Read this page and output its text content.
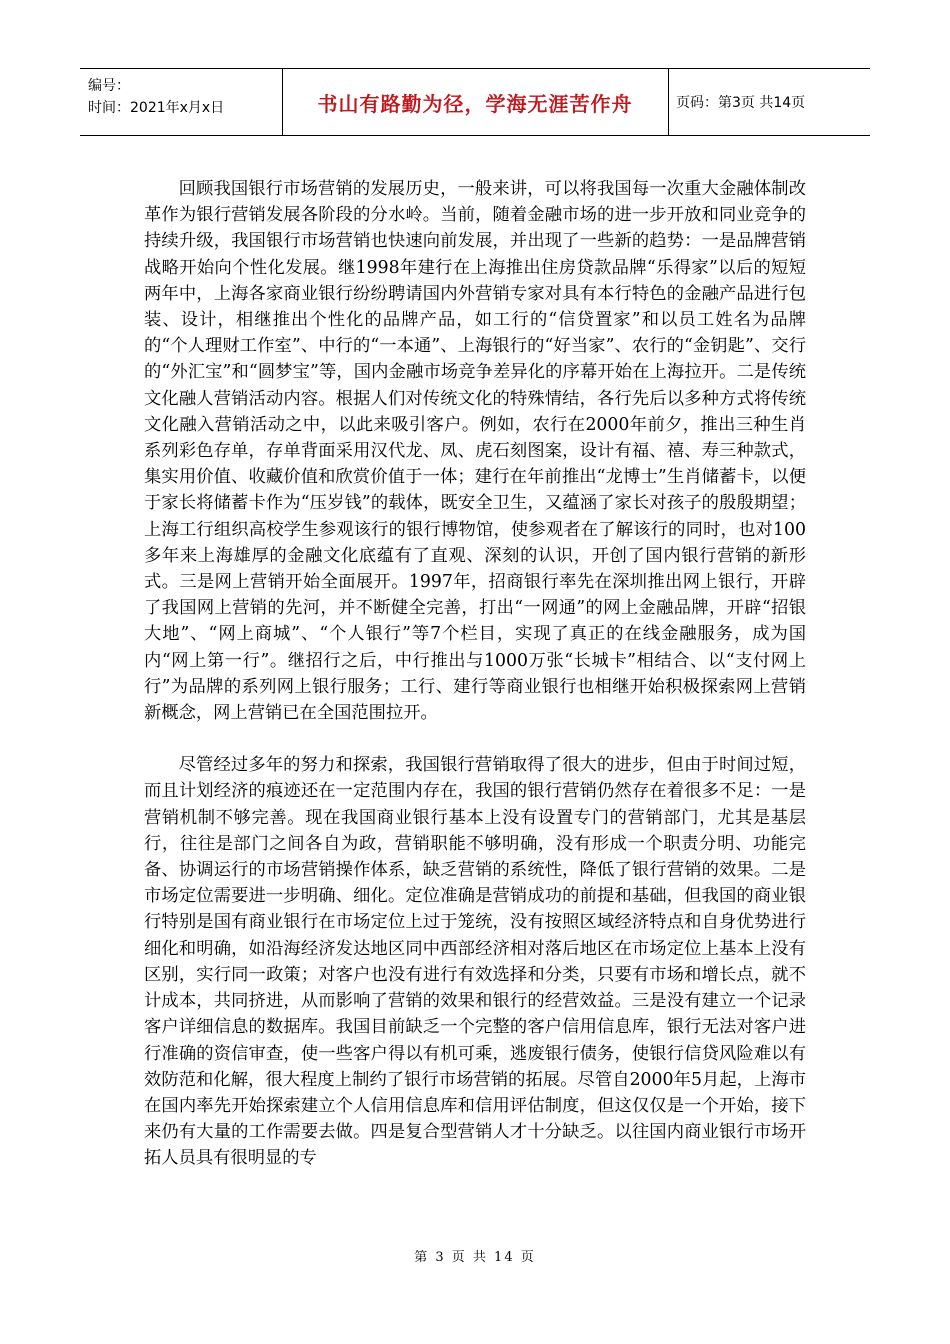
编号：
时间：2021年x月x日	书山有路勤为径，学海无涯苦作舟	页码：第3页 共14页

回顾我国银行市场营销的发展历史，一般来讲，可以将我国每一次重大金融体制改革作为银行营销发展各阶段的分水岭。当前，随着金融市场的进一步开放和同业竞争的持续升级，我国银行市场营销也快速向前发展，并出现了一些新的趋势：一是品牌营销战略开始向个性化发展。继1998年建行在上海推出住房贷款品牌“乐得家”以后的短短两年中，上海各家商业银行纷纷聘请国内外营销专家对具有本行特色的金融产品进行包装、设计，相继推出个性化的品牌产品，如工行的“信贷置家”和以员工姓名为品牌的“个人理财工作室”、中行的“一本通”、上海银行的“好当家”、农行的“金钥匙”、交行的“外汇宝”和“圆梦宝”等，国内金融市场竞争差异化的序幕开始在上海拉开。二是传统文化融人营销活动内容。根据人们对传统文化的特殊情结，各行先后以多种方式将传统文化融入营销活动之中，以此来吸引客户。例如，农行在2000年前夕，推出三种生肖系列彩色存单，存单背面采用汉代龙、凤、虎石刻图案，设计有福、禧、寿三种款式，集实用价值、收藏价值和欣赏价值于一体；建行在年前推出“龙博士”生肖储蓄卡，以便于家长将储蓄卡作为“压岁钱”的载体，既安全卫生，又蕴涵了家长对孩子的殷殷期望；上海工行组织高校学生参观该行的银行博物馆，使参观者在了解该行的同时，也对100多年来上海雄厚的金融文化底蕴有了直观、深刻的认识，开创了国内银行营销的新形式。三是网上营销开始全面展开。1997年，招商银行率先在深圳推出网上银行，开辟了我国网上营销的先河，并不断健全完善，打出“一网通”的网上金融品牌，开辟“招银大地”、“网上商城”、“个人银行”等7个栏目，实现了真正的在线金融服务，成为国内“网上第一行”。继招行之后，中行推出与1000万张“长城卡”相结合、以“支付网上行”为品牌的系列网上银行服务；工行、建行等商业银行也相继开始积极探索网上营销新概念，网上营销已在全国范围拉开。

尽管经过多年的努力和探索，我国银行营销取得了很大的进步，但由于时间过短，而且计划经济的痕迹还在一定范围内存在，我国的银行营销仍然存在着很多不足：一是营销机制不够完善。现在我国商业银行基本上没有设置专门的营销部门，尤其是基层行，往往是部门之间各自为政，营销职能不够明确，没有形成一个职责分明、功能完备、协调运行的市场营销操作体系，缺乏营销的系统性，降低了银行营销的效果。二是市场定位需要进一步明确、细化。定位准确是营销成功的前提和基础，但我国的商业银行特别是国有商业银行在市场定位上过于笼统，没有按照区域经济特点和自身优势进行细化和明确，如沿海经济发达地区同中西部经济相对落后地区在市场定位上基本上没有区别，实行同一政策；对客户也没有进行有效选择和分类，只要有市场和增长点，就不计成本，共同挤进，从而影响了营销的效果和银行的经营效益。三是没有建立一个记录客户详细信息的数据库。我国目前缺乏一个完整的客户信用信息库，银行无法对客户进行准确的资信审查，使一些客户得以有机可乘，逃废银行债务，使银行信贷风险难以有效防范和化解，很大程度上制约了银行市场营销的拓展。尽管自2000年5月起，上海市在国内率先开始探索建立个人信用信息库和信用评估制度，但这仅仅是一个开始，接下来仍有大量的工作需要去做。四是复合型营销人才十分缺乏。以往国内商业银行市场开拓人员具有很明显的专

第 3 页 共 14 页
